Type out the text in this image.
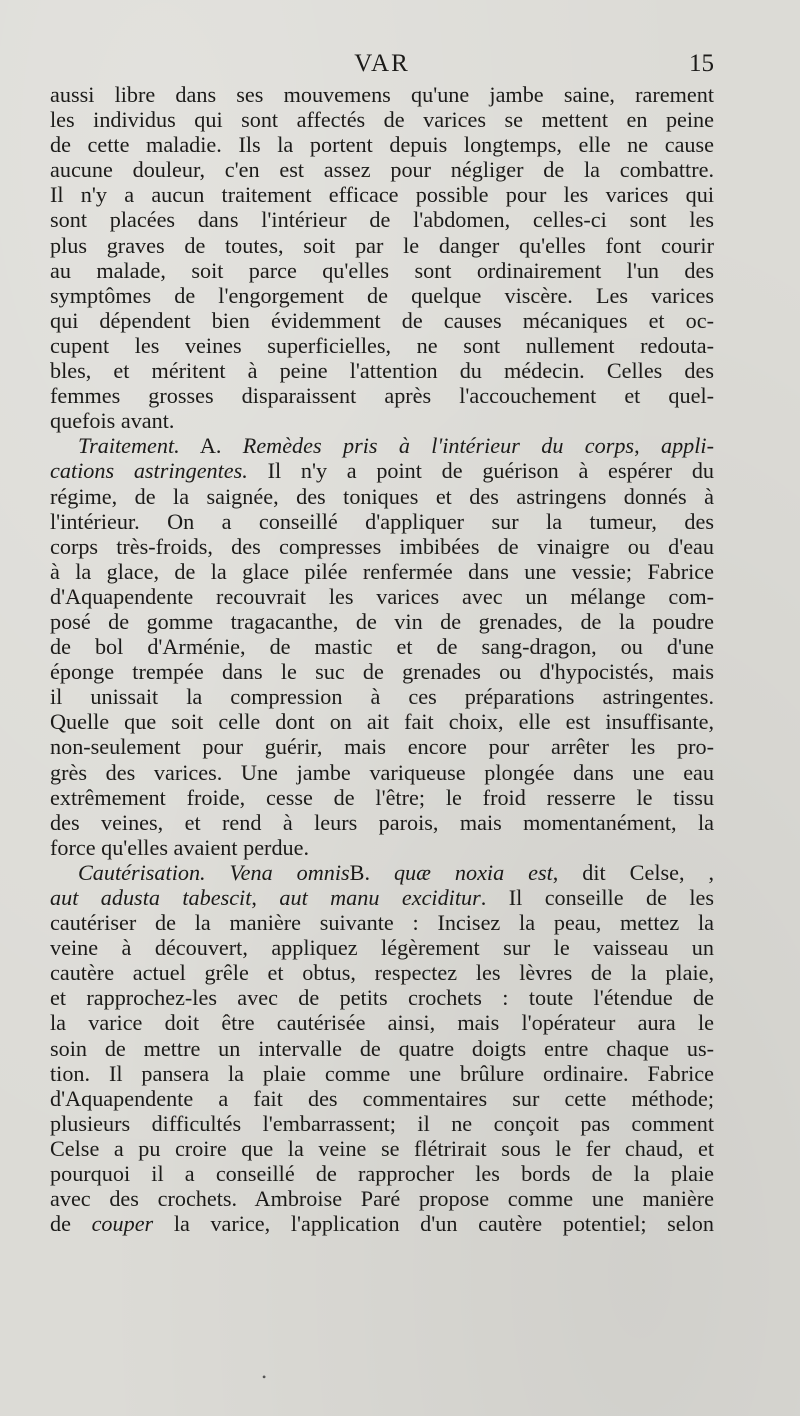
VAR	15
aussi libre dans ses mouvemens qu'une jambe saine, rarement
les individus qui sont affectés de varices se mettent en peine
de cette maladie. Ils la portent depuis longtemps, elle ne cause
aucune douleur, c'en est assez pour négliger de la combattre.
Il n'y a aucun traitement efficace possible pour les varices qui
sont placées dans l'intérieur de l'abdomen, celles-ci sont les
plus graves de toutes, soit par le danger qu'elles font courir
au malade, soit parce qu'elles sont ordinairement l'un des
symptômes de l'engorgement de quelque viscère. Les varices
qui dépendent bien évidemment de causes mécaniques et oc-
cupent les veines superficielles, ne sont nullement redouta-
bles, et méritent à peine l'attention du médecin. Celles des
femmes grosses disparaissent après l'accouchement et quel-
quefois avant.
Traitement. A. Remèdes pris à l'intérieur du corps, appli-
cations astringentes. Il n'y a point de guérison à espérer du
régime, de la saignée, des toniques et des astringens donnés à
l'intérieur. On a conseillé d'appliquer sur la tumeur, des
corps très-froids, des compresses imbibées de vinaigre ou d'eau
à la glace, de la glace pilée renfermée dans une vessie; Fabrice
d'Aquapendente recouvrait les varices avec un mélange com-
posé de gomme tragacanthe, de vin de grenades, de la poudre
de bol d'Arménie, de mastic et de sang-dragon, ou d'une
éponge trempée dans le suc de grenades ou d'hypocistés, mais
il unissait la compression à ces préparations astringentes.
Quelle que soit celle dont on ait fait choix, elle est insuffisante,
non-seulement pour guérir, mais encore pour arrêter les pro-
grès des varices. Une jambe variqueuse plongée dans une eau
extrêmement froide, cesse de l'être; le froid resserre le tissu
des veines, et rend à leurs parois, mais momentanément, la
force qu'elles avaient perdue.
Cautérisation. Vena omnisB. quæ noxia est, dit Celse, ,
aut adusta tabescit, aut manu exciditur. Il conseille de les
cautériser de la manière suivante : Incisez la peau, mettez la
veine à découvert, appliquez légèrement sur le vaisseau un
cautère actuel grêle et obtus, respectez les lèvres de la plaie,
et rapprochez-les avec de petits crochets : toute l'étendue de
la varice doit être cautérisée ainsi, mais l'opérateur aura le
soin de mettre un intervalle de quatre doigts entre chaque us-
tion. Il pansera la plaie comme une brûlure ordinaire. Fabrice
d'Aquapendente a fait des commentaires sur cette méthode;
plusieurs difficultés l'embarrassent; il ne conçoit pas comment
Celse a pu croire que la veine se flétrirait sous le fer chaud, et
pourquoi il a conseillé de rapprocher les bords de la plaie
avec des crochets. Ambroise Paré propose comme une manière
de couper la varice, l'application d'un cautère potentiel; selon
•
